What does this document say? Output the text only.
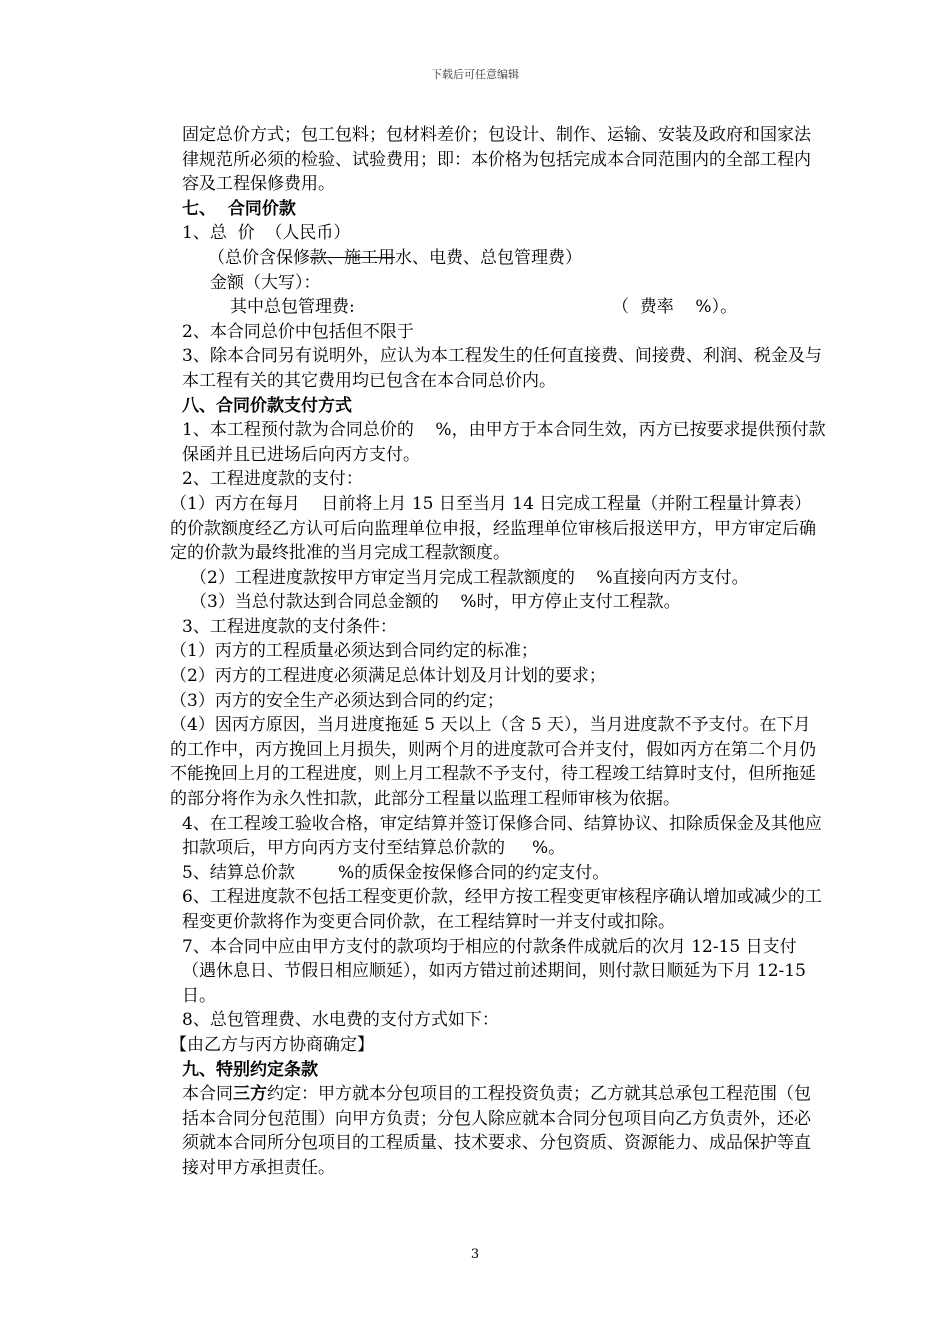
下载后可任意编辑

固定总价方式；包工包料；包材料差价；包设计、制作、运输、安装及政府和国家法律规范所必须的检验、试验费用；即：本价格为包括完成本合同范围内的全部工程内容及工程保修费用。

七、  合同价款

1、总  价  （人民币）

（总价含保修款、施工用水、电费、总包管理费）

金额（大写）：

其中总包管理费:	（  费率    %）。

2、本合同总价中包括但不限于

3、除本合同另有说明外，应认为本工程发生的任何直接费、间接费、利润、税金及与本工程有关的其它费用均已包含在本合同总价内。

八、合同价款支付方式

1、本工程预付款为合同总价的    %，由甲方于本合同生效，丙方已按要求提供预付款保函并且已进场后向丙方支付。

2、工程进度款的支付：

（1）丙方在每月    日前将上月 15 日至当月 14 日完成工程量（并附工程量计算表）的价款额度经乙方认可后向监理单位申报，经监理单位审核后报送甲方，甲方审定后确定的价款为最终批准的当月完成工程款额度。

（2）工程进度款按甲方审定当月完成工程款额度的    %直接向丙方支付。

（3）当总付款达到合同总金额的    %时，甲方停止支付工程款。

3、工程进度款的支付条件：

（1）丙方的工程质量必须达到合同约定的标准；

（2）丙方的工程进度必须满足总体计划及月计划的要求；

（3）丙方的安全生产必须达到合同的约定；

（4）因丙方原因，当月进度拖延 5 天以上（含 5 天），当月进度款不予支付。在下月的工作中，丙方挽回上月损失，则两个月的进度款可合并支付，假如丙方在第二个月仍不能挽回上月的工程进度，则上月工程款不予支付，待工程竣工结算时支付，但所拖延的部分将作为永久性扣款，此部分工程量以监理工程师审核为依据。

4、在工程竣工验收合格，审定结算并签订保修合同、结算协议、扣除质保金及其他应扣款项后，甲方向丙方支付至结算总价款的     %。

5、结算总价款        %的质保金按保修合同的约定支付。

6、工程进度款不包括工程变更价款，经甲方按工程变更审核程序确认增加或减少的工程变更价款将作为变更合同价款，在工程结算时一并支付或扣除。

7、本合同中应由甲方支付的款项均于相应的付款条件成就后的次月 12-15 日支付（遇休息日、节假日相应顺延），如丙方错过前述期间，则付款日顺延为下月 12-15 日。

8、总包管理费、水电费的支付方式如下：

【由乙方与丙方协商确定】

九、特别约定条款

本合同三方约定：甲方就本分包项目的工程投资负责；乙方就其总承包工程范围（包括本合同分包范围）向甲方负责；分包人除应就本合同分包项目向乙方负责外，还必须就本合同所分包项目的工程质量、技术要求、分包资质、资源能力、成品保护等直接对甲方承担责任。

3
